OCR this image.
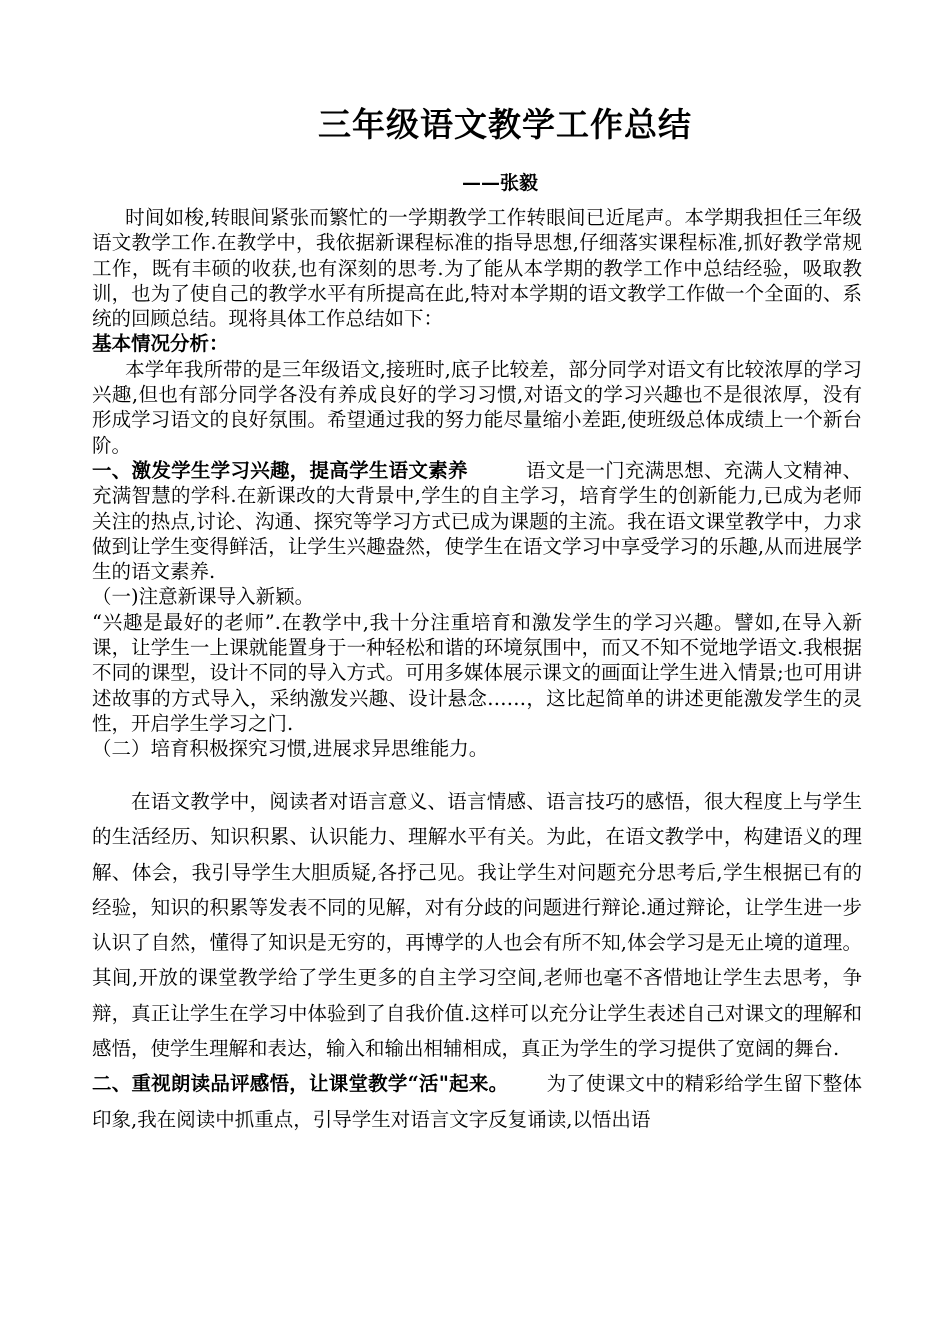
三年级语文教学工作总结

——张毅

时间如梭,转眼间紧张而繁忙的一学期教学工作转眼间已近尾声。本学期我担任三年级语文教学工作.在教学中，我依据新课程标准的指导思想,仔细落实课程标准,抓好教学常规工作，既有丰硕的收获,也有深刻的思考.为了能从本学期的教学工作中总结经验，吸取教训，也为了使自己的教学水平有所提高在此,特对本学期的语文教学工作做一个全面的、系统的回顾总结。现将具体工作总结如下：

基本情况分析：

本学年我所带的是三年级语文,接班时,底子比较差，部分同学对语文有比较浓厚的学习兴趣,但也有部分同学各没有养成良好的学习习惯,对语文的学习兴趣也不是很浓厚，没有形成学习语文的良好氛围。希望通过我的努力能尽量缩小差距,使班级总体成绩上一个新台阶。

一、激发学生学习兴趣，提高学生语文素养	语文是一门充满思想、充满人文精神、充满智慧的学科.在新课改的大背景中,学生的自主学习，培育学生的创新能力,已成为老师关注的热点,讨论、沟通、探究等学习方式已成为课题的主流。我在语文课堂教学中，力求做到让学生变得鲜活，让学生兴趣盎然，使学生在语文学习中享受学习的乐趣,从而进展学生的语文素养.

（一)注意新课导入新颖。

“兴趣是最好的老师”.在教学中,我十分注重培育和激发学生的学习兴趣。譬如,在导入新课，让学生一上课就能置身于一种轻松和谐的环境氛围中，而又不知不觉地学语文.我根据不同的课型，设计不同的导入方式。可用多媒体展示课文的画面让学生进入情景;也可用讲述故事的方式导入，采纳激发兴趣、设计悬念……，这比起简单的讲述更能激发学生的灵性，开启学生学习之门.

（二）培育积极探究习惯,进展求异思维能力。

在语文教学中，阅读者对语言意义、语言情感、语言技巧的感悟，很大程度上与学生的生活经历、知识积累、认识能力、理解水平有关。为此，在语文教学中，构建语义的理解、体会，我引导学生大胆质疑,各抒己见。我让学生对问题充分思考后,学生根据已有的经验，知识的积累等发表不同的见解，对有分歧的问题进行辩论.通过辩论，让学生进一步认识了自然，懂得了知识是无穷的，再博学的人也会有所不知,体会学习是无止境的道理。其间,开放的课堂教学给了学生更多的自主学习空间,老师也毫不吝惜地让学生去思考，争辩，真正让学生在学习中体验到了自我价值.这样可以充分让学生表述自己对课文的理解和感悟，使学生理解和表达，输入和输出相辅相成，真正为学生的学习提供了宽阔的舞台.

二、重视朗读品评感悟，让课堂教学“活"起来。 为了使课文中的精彩给学生留下整体印象,我在阅读中抓重点，引导学生对语言文字反复诵读,以悟出语
